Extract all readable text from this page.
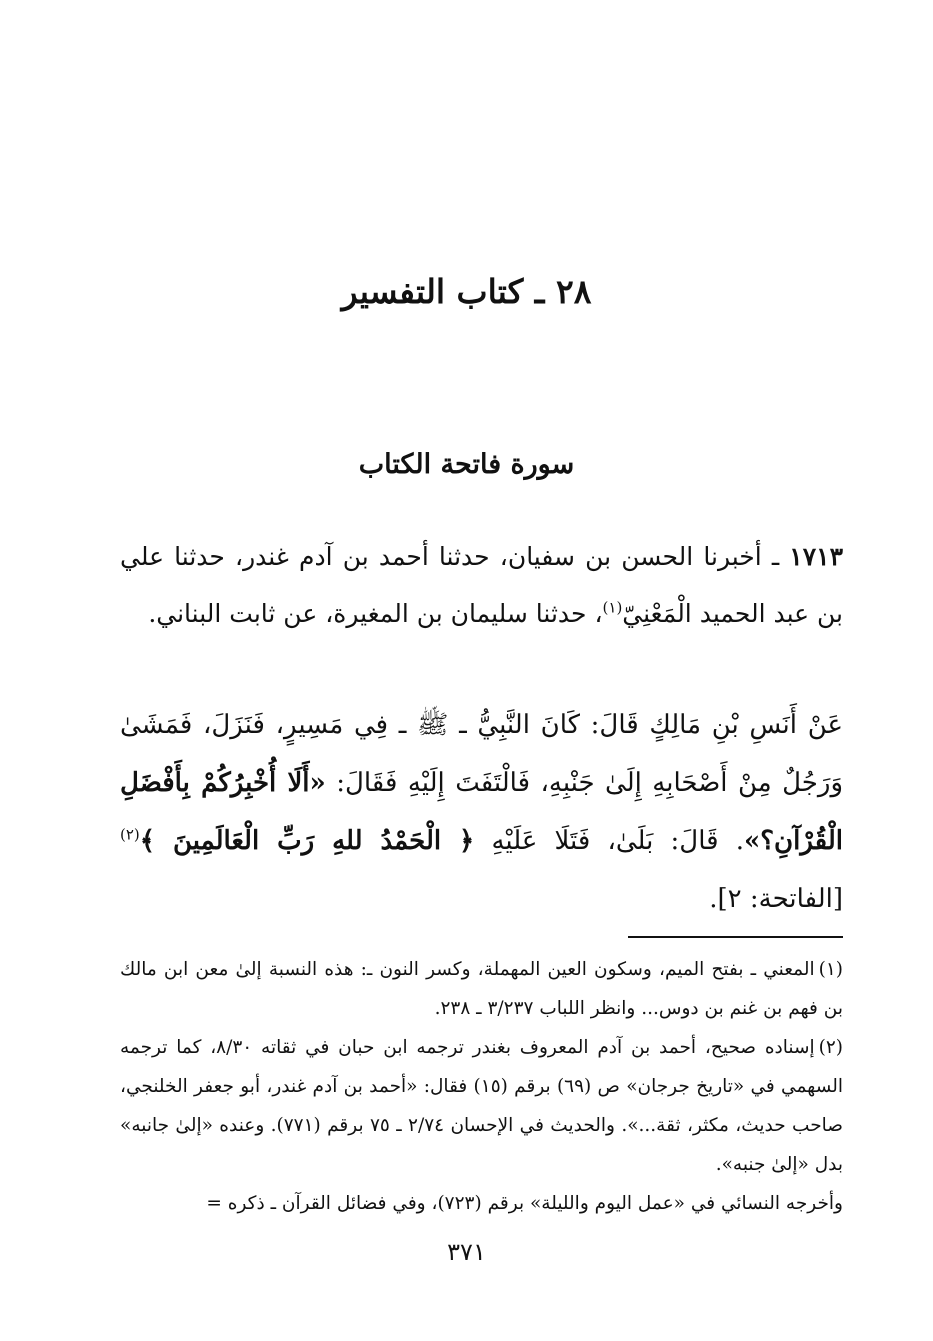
٢٨ ـ كتاب التفسير
سورة فاتحة الكتاب
١٧١٣ ـ أخبرنا الحسن بن سفيان، حدثنا أحمد بن آدم غندر، حدثنا علي بن عبد الحميد الْمَعْنِيّ$^{(١)}$، حدثنا سليمان بن المغيرة، عن ثابت البناني.
عَنْ أَنَسِ بْنِ مَالِكٍ قَالَ: كَانَ النَّبِيُّ ـ ﷺ ـ فِي مَسِيرٍ، فَنَزَلَ، فَمَشَىٰ وَرَجُلٌ مِنْ أَصْحَابِهِ إِلَىٰ جَنْبِهِ، فَالْتَفَتَ إِلَيْهِ فَقَالَ: «أَلَا أُخْبِرُكُمْ بِأَفْضَلِ الْقُرْآنِ؟». قَالَ: بَلَىٰ، فَتَلَا عَلَيْهِ ﴿ الْحَمْدُ للهِ رَبِّ الْعَالَمِينَ ﴾$^{(٢)}$ [الفاتحة: ٢].

(١)المعني ـ بفتح الميم، وسكون العين المهملة، وكسر النون ـ: هذه النسبة إلىٰ معن ابن مالك بن فهم بن غنم بن دوس... وانظر اللباب ٣/٢٣٧ ـ ٢٣٨.

(٢)إسناده صحيح، أحمد بن آدم المعروف بغندر ترجمه ابن حبان في ثقاته ٨/٣٠، كما ترجمه السهمي في «تاريخ جرجان» ص (٦٩) برقم (١٥) فقال: «أحمد بن آدم غندر، أبو جعفر الخلنجي، صاحب حديث، مكثر، ثقة...». والحديث في الإحسان ٢/٧٤ ـ ٧٥ برقم (٧٧١). وعنده «إلىٰ جانبه» بدل «إلىٰ جنبه».

وأخرجه النسائي في «عمل اليوم والليلة» برقم (٧٢٣)، وفي فضائل القرآن ـ ذكره =

٣٧١
